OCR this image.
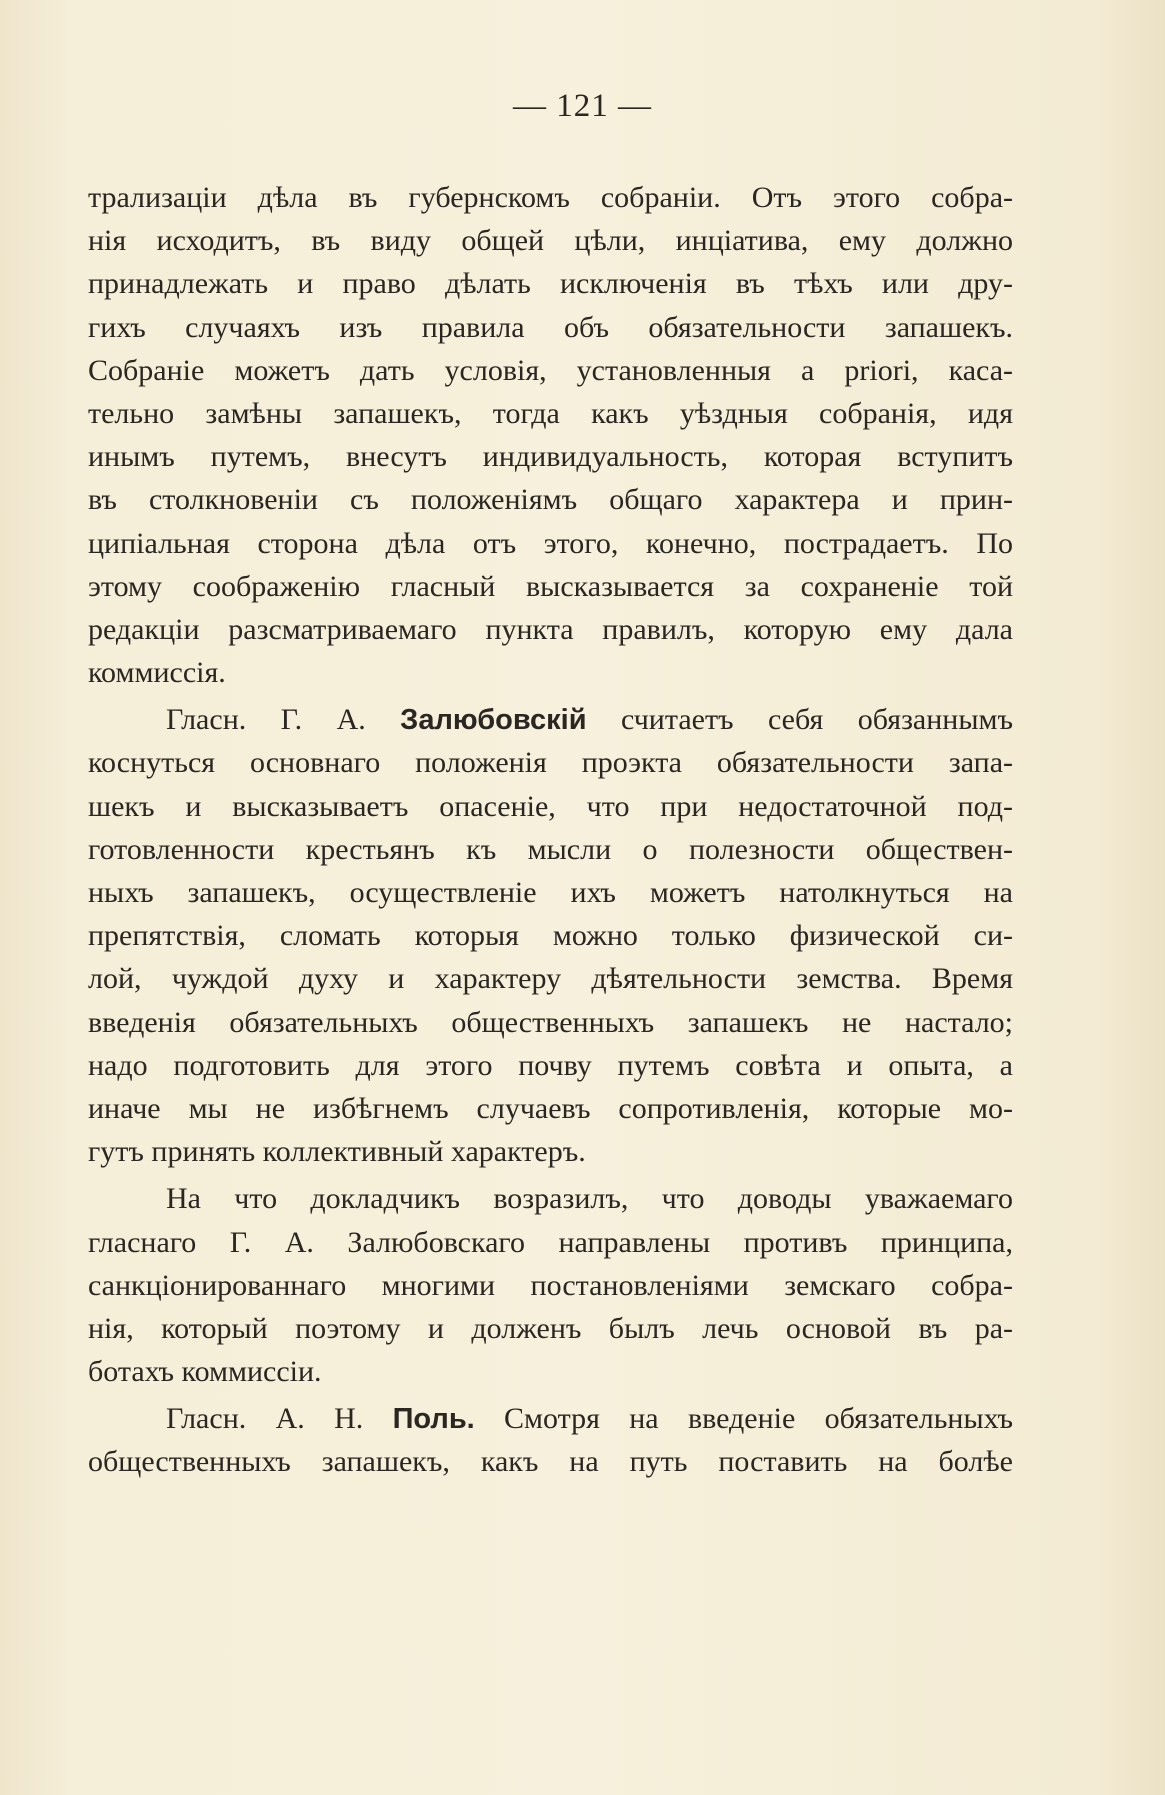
— 121 —
трализаціи дѣла въ губернскомъ собраніи. Отъ этого собра-
нія исходитъ, въ виду общей цѣли, инціатива, ему должно
принадлежать и право дѣлать исключенія въ тѣхъ или дру-
гихъ случаяхъ изъ правила объ обязательности запашекъ.
Собраніе можетъ дать условія, установленныя a priori, каса-
тельно замѣны запашекъ, тогда какъ уѣздныя собранія, идя
инымъ путемъ, внесутъ индивидуальность, которая вступитъ
въ столкновеніи съ положеніямъ общаго характера и прин-
ципіальная сторона дѣла отъ этого, конечно, пострадаетъ. По
этому соображенію гласный высказывается за сохраненіе той
редакціи разсматриваемаго пункта правилъ, которую ему дала
коммиссія.
Гласн. Г. А. Залюбовскій считаетъ себя обязаннымъ
коснуться основнаго положенія проэкта обязательности запа-
шекъ и высказываетъ опасеніе, что при недостаточной под-
готовленности крестьянъ къ мысли о полезности обществен-
ныхъ запашекъ, осуществленіе ихъ можетъ натолкнуться на
препятствія, сломать которыя можно только физической си-
лой, чуждой духу и характеру дѣятельности земства. Время
введенія обязательныхъ общественныхъ запашекъ не настало;
надо подготовить для этого почву путемъ совѣта и опыта, а
иначе мы не избѣгнемъ случаевъ сопротивленія, которые мо-
гутъ принять коллективный характеръ.
На что докладчикъ возразилъ, что доводы уважаемаго
гласнаго Г. А. Залюбовскаго направлены противъ принципа,
санкціонированнаго многими постановленіями земскаго собра-
нія, который поэтому и долженъ былъ лечь основой въ ра-
ботахъ коммиссіи.
Гласн. А. Н. Поль. Смотря на введеніе обязательныхъ
общественныхъ запашекъ, какъ на путь поставить на болѣе
